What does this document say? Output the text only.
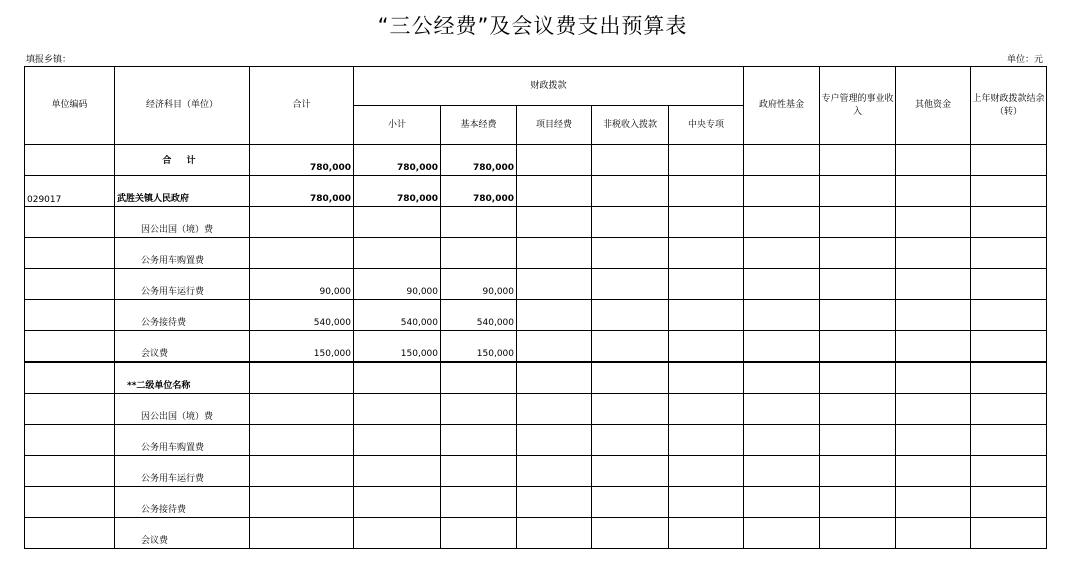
“三公经费”及会议费支出预算表
填报乡镇：	单位：元
单位编码	经济科目（单位）	合计	财政拨款					政府性基金	专户管理的事业收入	其他资金	上年财政拨款结余（转）
			小计	基本经费	项目经费	非税收入拨款	中央专项				
	合 计	780,000	780,000	780,000							
029017	武胜关镇人民政府	780,000	780,000	780,000							
	因公出国（境）费										
	公务用车购置费										
	公务用车运行费	90,000	90,000	90,000							
	公务接待费	540,000	540,000	540,000							
	会议费	150,000	150,000	150,000							
	**二级单位名称										
	因公出国（境）费										
	公务用车购置费										
	公务用车运行费										
	公务接待费										
	会议费										
